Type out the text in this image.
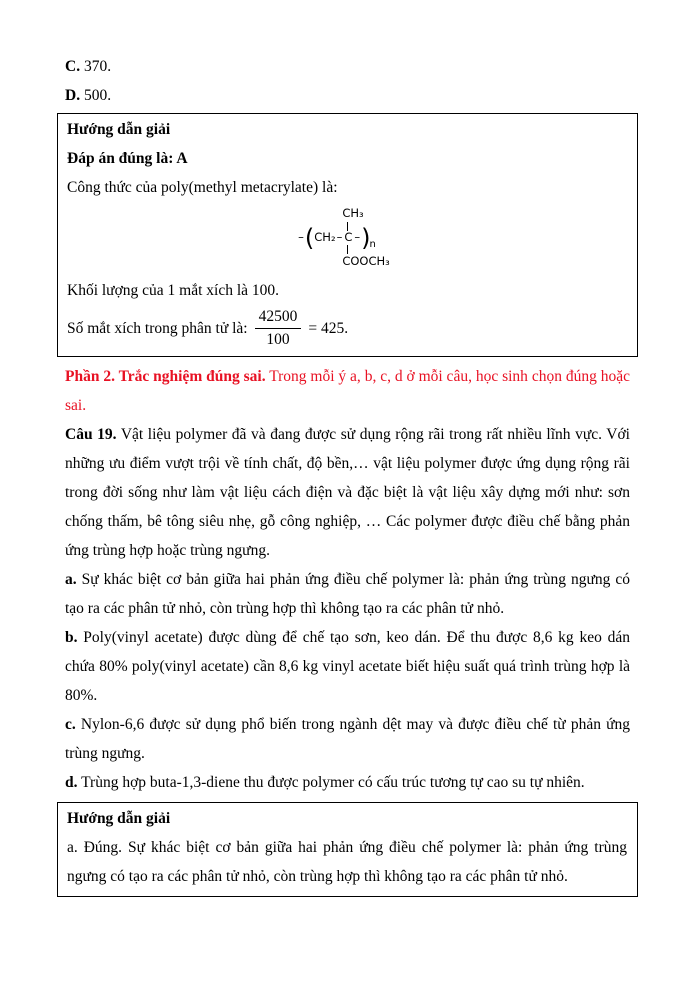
C. 370.

D. 500.

Hướng dẫn giải

Đáp án đúng là: A

Công thức của poly(methyl metacrylate) là:

– ( CH₂ – C
CH₃
COOCH₃
– ) n

Khối lượng của 1 mắt xích là 100.

Số mắt xích trong phân tử là: $\frac{42500}{100} = 425$.

Phần 2. Trắc nghiệm đúng sai. Trong mỗi ý a, b, c, d ở mỗi câu, học sinh chọn đúng hoặc sai.

Câu 19. Vật liệu polymer đã và đang được sử dụng rộng rãi trong rất nhiều lĩnh vực. Với những ưu điểm vượt trội về tính chất, độ bền,… vật liệu polymer được ứng dụng rộng rãi trong đời sống như làm vật liệu cách điện và đặc biệt là vật liệu xây dựng mới như: sơn chống thấm, bê tông siêu nhẹ, gỗ công nghiệp, … Các polymer được điều chế bằng phản ứng trùng hợp hoặc trùng ngưng.

a. Sự khác biệt cơ bản giữa hai phản ứng điều chế polymer là: phản ứng trùng ngưng có tạo ra các phân tử nhỏ, còn trùng hợp thì không tạo ra các phân tử nhỏ.

b. Poly(vinyl acetate) được dùng để chế tạo sơn, keo dán. Để thu được 8,6 kg keo dán chứa 80% poly(vinyl acetate) cần 8,6 kg vinyl acetate biết hiệu suất quá trình trùng hợp là 80%.

c. Nylon-6,6 được sử dụng phổ biến trong ngành dệt may và được điều chế từ phản ứng trùng ngưng.

d. Trùng hợp buta-1,3-diene thu được polymer có cấu trúc tương tự cao su tự nhiên.

Hướng dẫn giải

a. Đúng. Sự khác biệt cơ bản giữa hai phản ứng điều chế polymer là: phản ứng trùng ngưng có tạo ra các phân tử nhỏ, còn trùng hợp thì không tạo ra các phân tử nhỏ.
